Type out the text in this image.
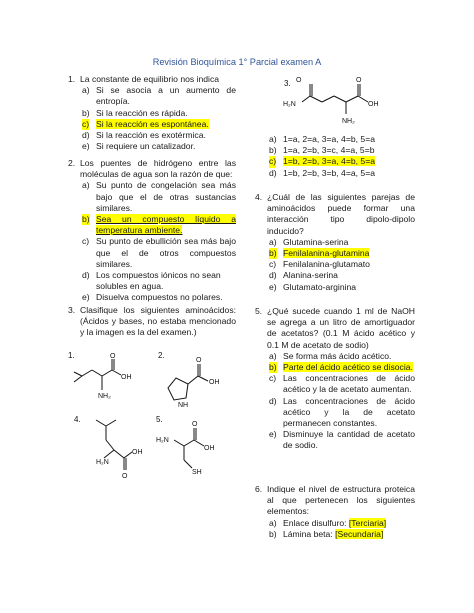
Revisión Bioquímica 1° Parcial examen A
1. La constante de equilibrio nos indica
a) Si se asocia a un aumento de entropía.
b) Si la reacción es rápida.
c) Si la reacción es espontánea.
d) Si la reacción es exotérmica.
e) Si requiere un catalizador.
2. Los puentes de hidrógeno entre las moléculas de agua son la razón de que:
a) Su punto de congelación sea más bajo que el de otras sustancias similares.
b) Sea un compuesto líquido a temperatura ambiente.
c) Su punto de ebullición sea más bajo que el de otros compuestos similares.
d) Los compuestos iónicos no sean solubles en agua.
e) Disuelva compuestos no polares.
3. Clasifique los siguientes aminoácidos: (Ácidos y bases, no estaba mencionado y la imagen es la del examen.)
1.	O
OH
NH₂
2.
O
OH
NH
4.
H₂N
OH
O
5.
H₂N
O
OH
SH
3. O
H₂N
O
OH
NH₂
a) 1=a, 2=a, 3=a, 4=b, 5=a
b) 1=a, 2=b, 3=c, 4=a, 5=b
c) 1=b, 2=b, 3=a, 4=b, 5=a
d) 1=b, 2=b, 3=b, 4=a, 5=a
4. ¿Cuál de las siguientes parejas de aminoácidos puede formar una interacción tipo dipolo-dipolo inducido?
a) Glutamina-serina
b) Fenilalanina-glutamina
c) Fenilalanina-glutamato
d) Alanina-serina
e) Glutamato-arginina
5. ¿Qué sucede cuando 1 ml de NaOH se agrega a un litro de amortiguador de acetatos? (0.1 M ácido acético y 0.1 M de acetato de sodio)
a) Se forma más ácido acético.
b) Parte del ácido acético se disocia.
c) Las concentraciones de ácido acético y la de acetato aumentan.
d) Las concentraciones de ácido acético y la de acetato permanecen constantes.
e) Disminuye la cantidad de acetato de sodio.
6. Indique el nivel de estructura proteica al que pertenecen los siguientes elementos:
a) Enlace disulfuro: [Terciaria]
b) Lámina beta: [Secundaria]
